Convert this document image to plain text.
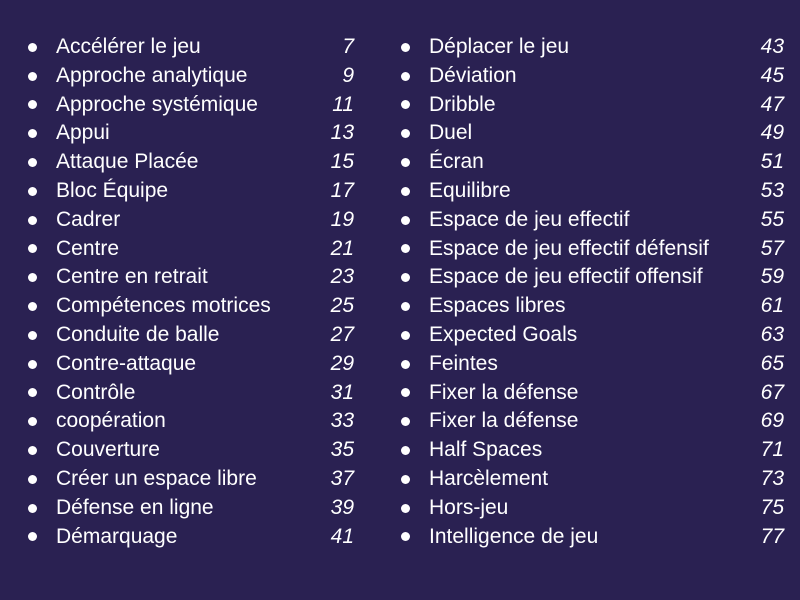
Accélérer le jeu	7
Approche analytique	9
Approche systémique	11
Appui	13
Attaque Placée	15
Bloc Équipe	17
Cadrer	19
Centre	21
Centre en retrait	23
Compétences motrices	25
Conduite de balle	27
Contre-attaque	29
Contrôle	31
coopération	33
Couverture	35
Créer un espace libre	37
Défense en ligne	39
Démarquage	41
Déplacer le jeu	43
Déviation	45
Dribble	47
Duel	49
Écran	51
Equilibre	53
Espace de jeu effectif	55
Espace de jeu effectif défensif 57
Espace de jeu effectif offensif	59
Espaces libres	61
Expected Goals	63
Feintes	65
Fixer la défense	67
Fixer la défense	69
Half Spaces	71
Harcèlement	73
Hors-jeu	75
Intelligence de jeu	77
